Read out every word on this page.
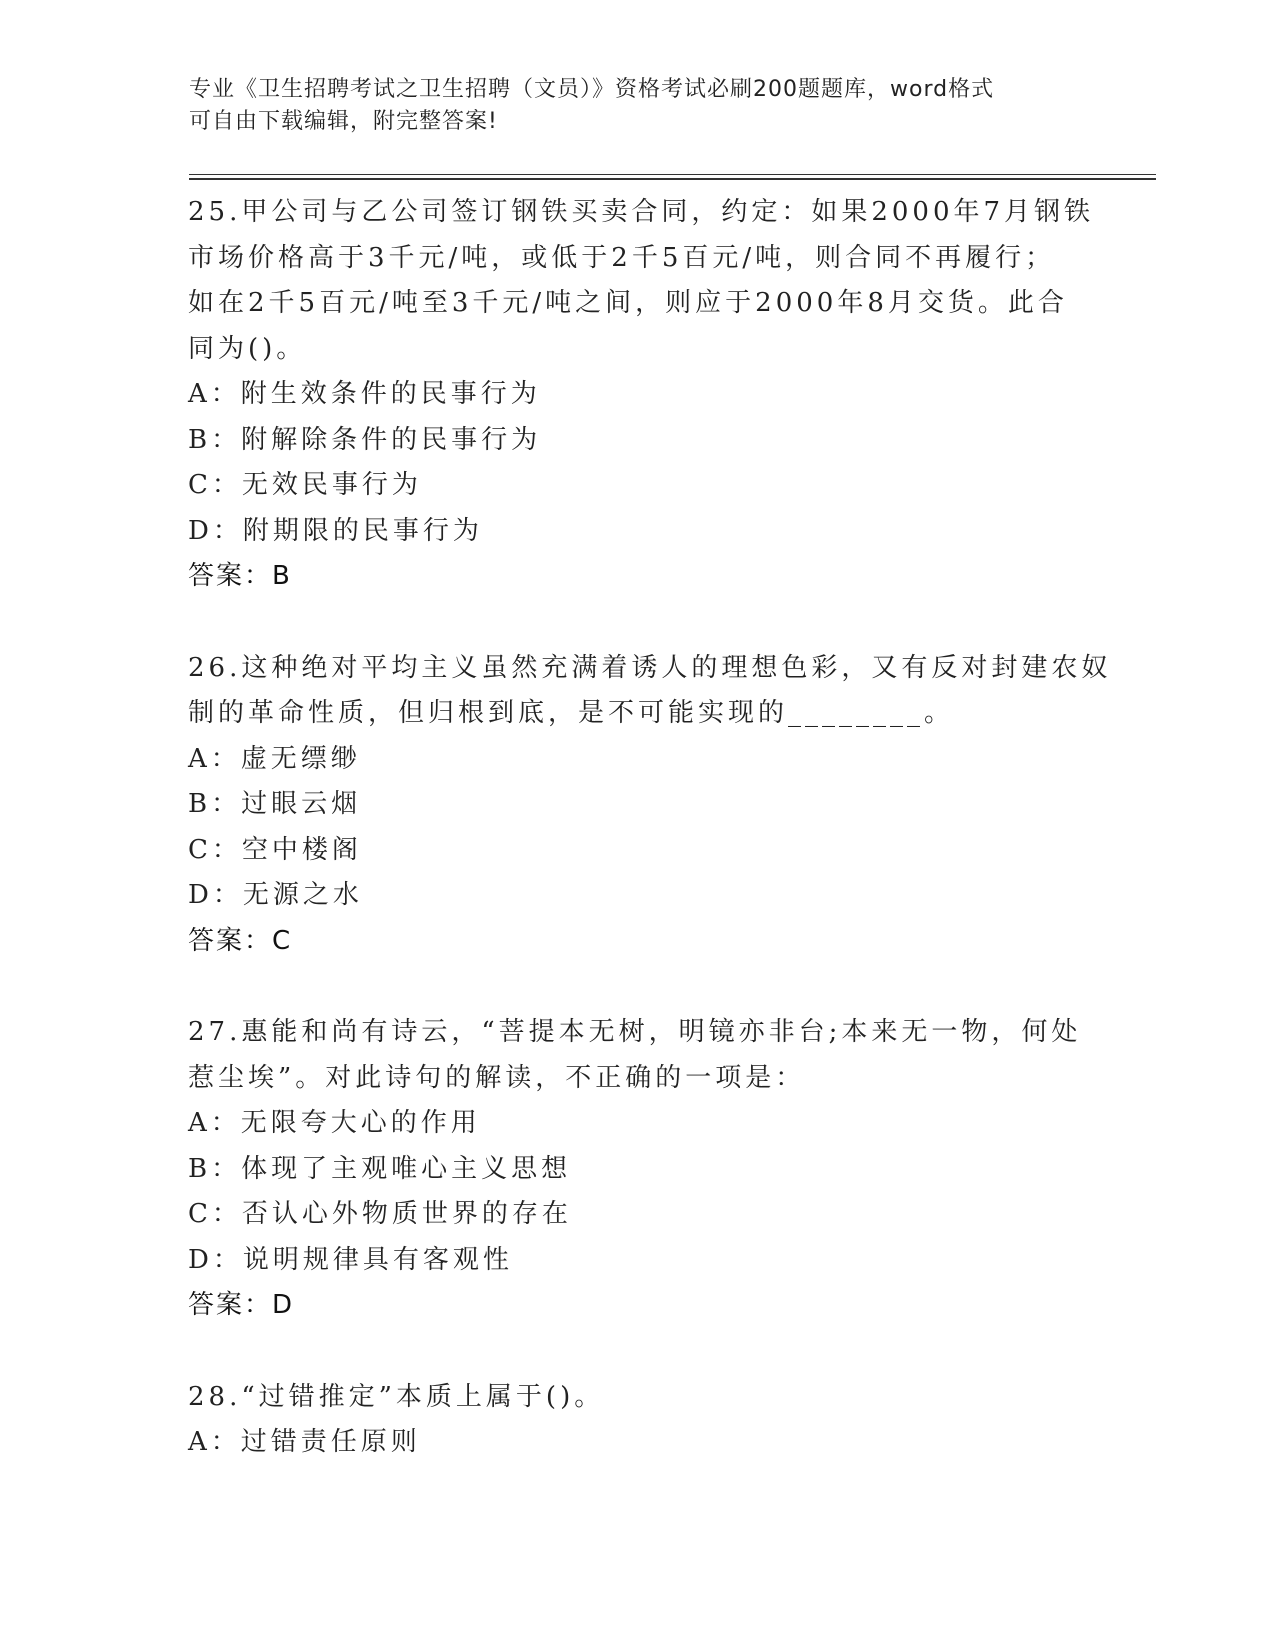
专业《卫生招聘考试之卫生招聘（文员）》资格考试必刷200题题库，word格式
可自由下载编辑，附完整答案!
25.甲公司与乙公司签订钢铁买卖合同，约定：如果2000年7月钢铁
市场价格高于3千元/吨，或低于2千5百元/吨，则合同不再履行；
如在2千5百元/吨至3千元/吨之间，则应于2000年8月交货。此合
同为()。
A：附生效条件的民事行为
B：附解除条件的民事行为
C：无效民事行为
D：附期限的民事行为
答案：B
26.这种绝对平均主义虽然充满着诱人的理想色彩，又有反对封建农奴
制的革命性质，但归根到底，是不可能实现的________。
A：虚无缥缈
B：过眼云烟
C：空中楼阁
D：无源之水
答案：C
27.惠能和尚有诗云，“菩提本无树，明镜亦非台;本来无一物，何处
惹尘埃”。对此诗句的解读，不正确的一项是：
A：无限夸大心的作用
B：体现了主观唯心主义思想
C：否认心外物质世界的存在
D：说明规律具有客观性
答案：D
28.“过错推定”本质上属于()。
A：过错责任原则
